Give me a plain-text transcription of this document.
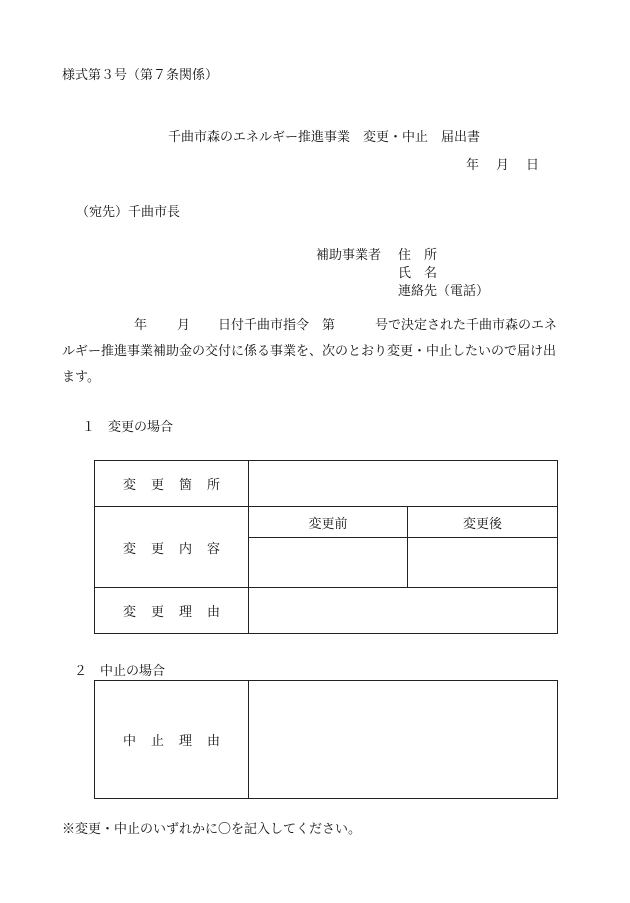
様式第３号（第７条関係）
千曲市森のエネルギー推進事業　変更・中止　届出書
年 月 日
（宛先）千曲市長
補助事業者 住　所
氏　名
連絡先（電話）
年 月 日付千曲市指令　第	号で決定された千曲市森のエネルギー推進事業補助金の交付に係る事業を、次のとおり変更・中止したいので届け出ます。
１　変更の場合
変更箇所		
変更内容	変更前	変更後

変更理由		
２　中止の場合
中止理由	
※変更・中止のいずれかに〇を記入してください。
